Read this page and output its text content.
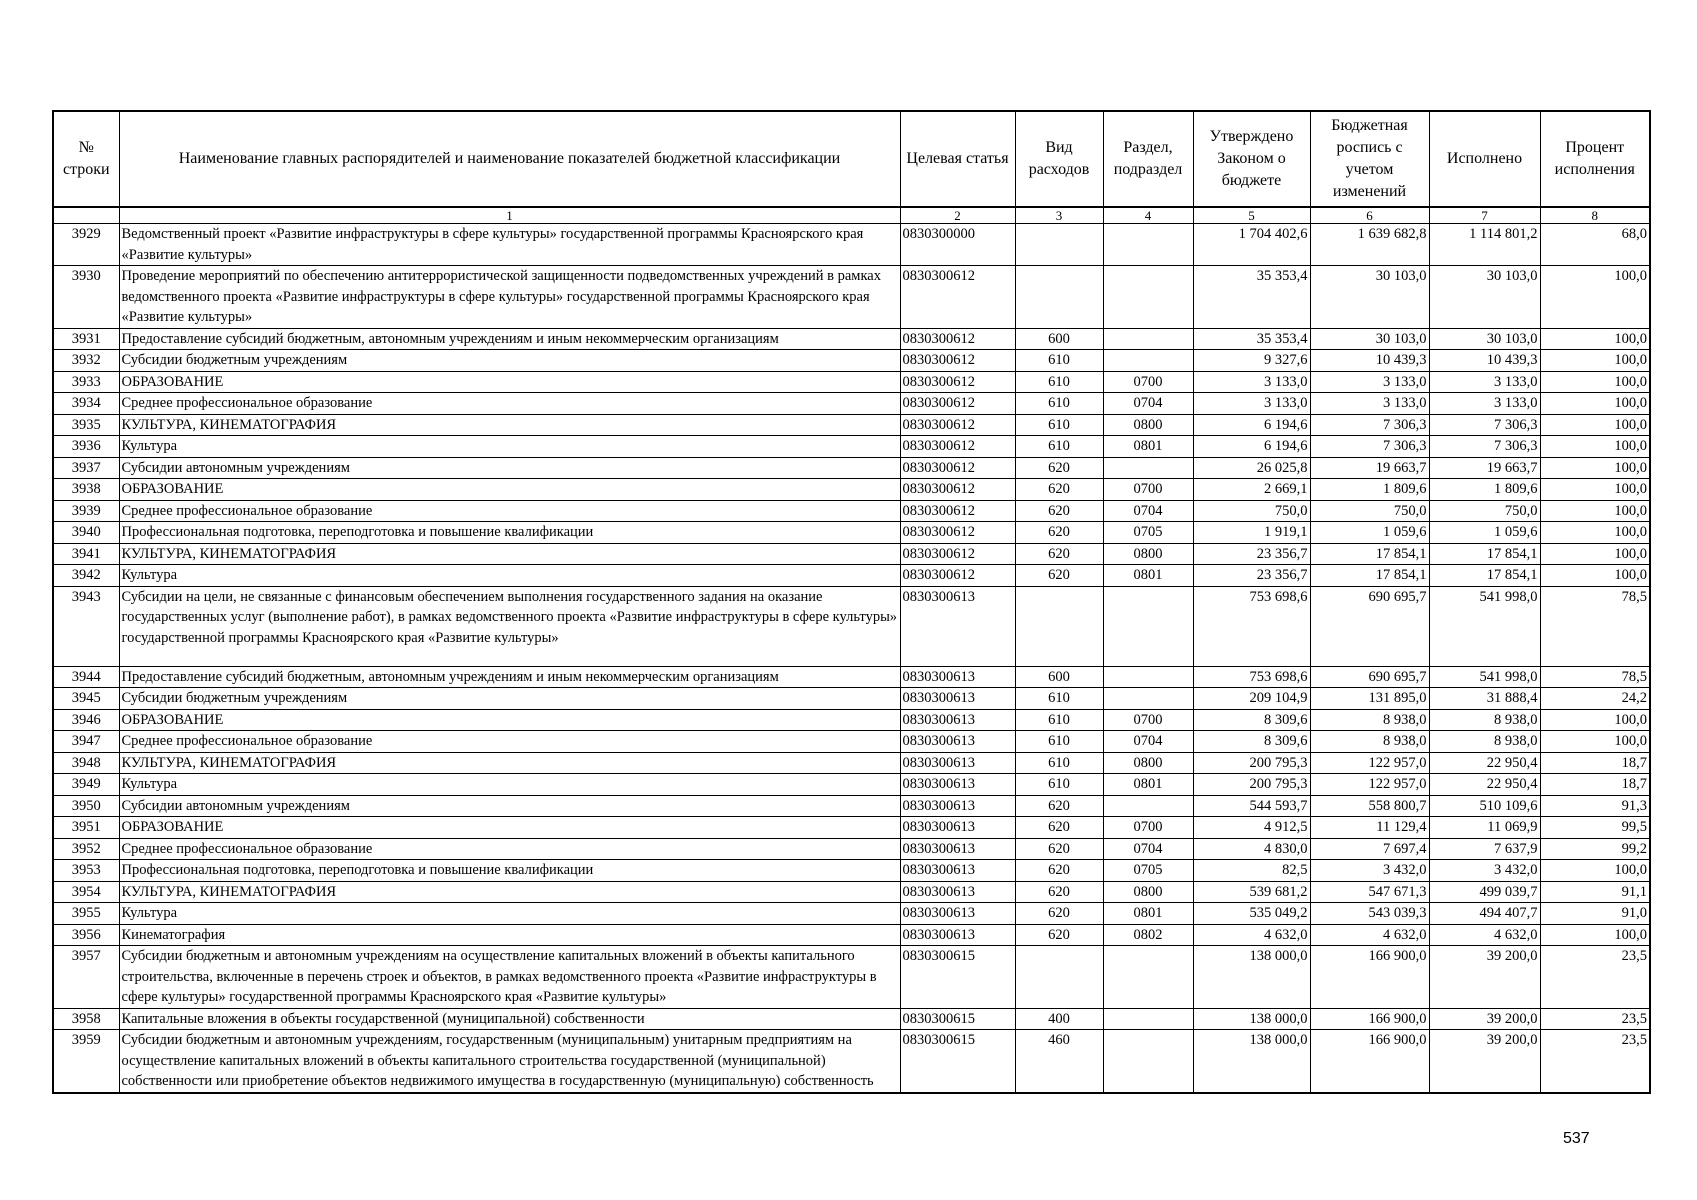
№ строки	Наименование главных распорядителей и наименование показателей бюджетной классификации	Целевая статья	Вид расходов	Раздел, подраздел	Утверждено Законом о бюджете	Бюджетная роспись с учетом изменений	Исполнено	Процент исполнения
	1	2	3	4	5	6	7	8
3929	Ведомственный проект «Развитие инфраструктуры в сфере культуры» государственной программы Красноярского края «Развитие культуры»	0830300000			1 704 402,6	1 639 682,8	1 114 801,2	68,0
3930	Проведение мероприятий по обеспечению антитеррористической защищенности подведомственных учреждений в рамках ведомственного проекта «Развитие инфраструктуры в сфере культуры» государственной программы Красноярского края «Развитие культуры»	0830300612			35 353,4	30 103,0	30 103,0	100,0
3931	Предоставление субсидий бюджетным, автономным учреждениям и иным некоммерческим организациям	0830300612	600		35 353,4	30 103,0	30 103,0	100,0
3932	Субсидии бюджетным учреждениям	0830300612	610		9 327,6	10 439,3	10 439,3	100,0
3933	ОБРАЗОВАНИЕ	0830300612	610	0700	3 133,0	3 133,0	3 133,0	100,0
3934	Среднее профессиональное образование	0830300612	610	0704	3 133,0	3 133,0	3 133,0	100,0
3935	КУЛЬТУРА, КИНЕМАТОГРАФИЯ	0830300612	610	0800	6 194,6	7 306,3	7 306,3	100,0
3936	Культура	0830300612	610	0801	6 194,6	7 306,3	7 306,3	100,0
3937	Субсидии автономным учреждениям	0830300612	620		26 025,8	19 663,7	19 663,7	100,0
3938	ОБРАЗОВАНИЕ	0830300612	620	0700	2 669,1	1 809,6	1 809,6	100,0
3939	Среднее профессиональное образование	0830300612	620	0704	750,0	750,0	750,0	100,0
3940	Профессиональная подготовка, переподготовка и повышение квалификации	0830300612	620	0705	1 919,1	1 059,6	1 059,6	100,0
3941	КУЛЬТУРА, КИНЕМАТОГРАФИЯ	0830300612	620	0800	23 356,7	17 854,1	17 854,1	100,0
3942	Культура	0830300612	620	0801	23 356,7	17 854,1	17 854,1	100,0
3943	Субсидии на цели, не связанные с финансовым обеспечением выполнения государственного задания на оказание государственных услуг (выполнение работ), в рамках ведомственного проекта «Развитие инфраструктуры в сфере культуры» государственной программы Красноярского края «Развитие культуры»	0830300613			753 698,6	690 695,7	541 998,0	78,5
3944	Предоставление субсидий бюджетным, автономным учреждениям и иным некоммерческим организациям	0830300613	600		753 698,6	690 695,7	541 998,0	78,5
3945	Субсидии бюджетным учреждениям	0830300613	610		209 104,9	131 895,0	31 888,4	24,2
3946	ОБРАЗОВАНИЕ	0830300613	610	0700	8 309,6	8 938,0	8 938,0	100,0
3947	Среднее профессиональное образование	0830300613	610	0704	8 309,6	8 938,0	8 938,0	100,0
3948	КУЛЬТУРА, КИНЕМАТОГРАФИЯ	0830300613	610	0800	200 795,3	122 957,0	22 950,4	18,7
3949	Культура	0830300613	610	0801	200 795,3	122 957,0	22 950,4	18,7
3950	Субсидии автономным учреждениям	0830300613	620		544 593,7	558 800,7	510 109,6	91,3
3951	ОБРАЗОВАНИЕ	0830300613	620	0700	4 912,5	11 129,4	11 069,9	99,5
3952	Среднее профессиональное образование	0830300613	620	0704	4 830,0	7 697,4	7 637,9	99,2
3953	Профессиональная подготовка, переподготовка и повышение квалификации	0830300613	620	0705	82,5	3 432,0	3 432,0	100,0
3954	КУЛЬТУРА, КИНЕМАТОГРАФИЯ	0830300613	620	0800	539 681,2	547 671,3	499 039,7	91,1
3955	Культура	0830300613	620	0801	535 049,2	543 039,3	494 407,7	91,0
3956	Кинематография	0830300613	620	0802	4 632,0	4 632,0	4 632,0	100,0
3957	Субсидии бюджетным и автономным учреждениям на осуществление капитальных вложений в объекты капитального строительства, включенные в перечень строек и объектов, в рамках ведомственного проекта «Развитие инфраструктуры в сфере культуры» государственной программы Красноярского края «Развитие культуры»	0830300615			138 000,0	166 900,0	39 200,0	23,5
3958	Капитальные вложения в объекты государственной (муниципальной) собственности	0830300615	400		138 000,0	166 900,0	39 200,0	23,5
3959	Субсидии бюджетным и автономным учреждениям, государственным (муниципальным) унитарным предприятиям на осуществление капитальных вложений в объекты капитального строительства государственной (муниципальной) собственности или приобретение объектов недвижимого имущества в государственную (муниципальную) собственность	0830300615	460		138 000,0	166 900,0	39 200,0	23,5
537
